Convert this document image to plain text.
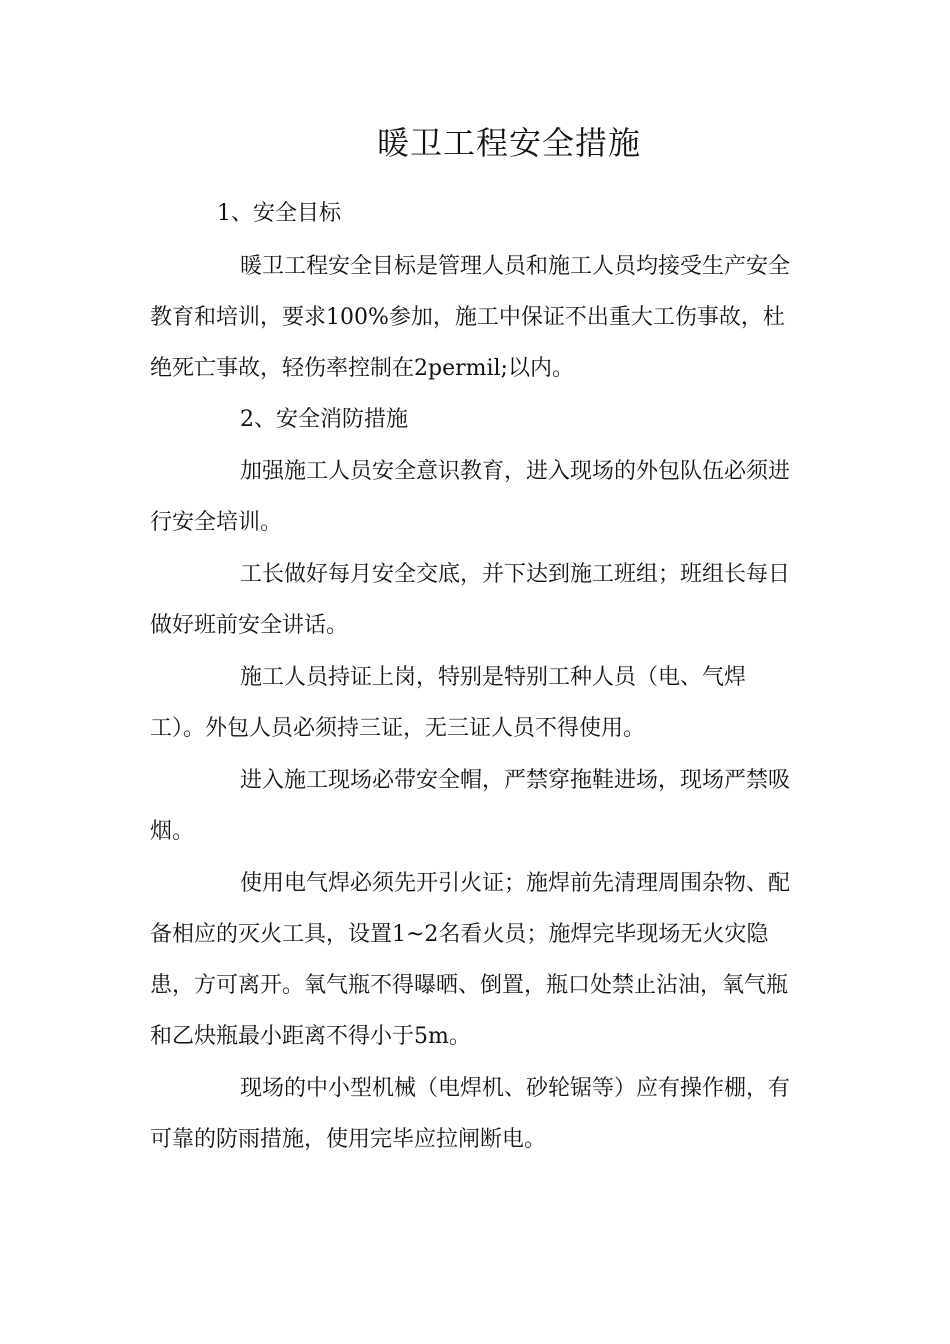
暖卫工程安全措施
1、安全目标
暖卫工程安全目标是管理人员和施工人员均接受生产安全
教育和培训，要求100%参加，施工中保证不出重大工伤事故，杜
绝死亡事故，轻伤率控制在2permil;以内。
2、安全消防措施
加强施工人员安全意识教育，进入现场的外包队伍必须进
行安全培训。
工长做好每月安全交底，并下达到施工班组；班组长每日
做好班前安全讲话。
施工人员持证上岗，特别是特别工种人员（电、气焊
工）。外包人员必须持三证，无三证人员不得使用。
进入施工现场必带安全帽，严禁穿拖鞋进场，现场严禁吸
烟。
使用电气焊必须先开引火证；施焊前先清理周围杂物、配
备相应的灭火工具，设置1~2名看火员；施焊完毕现场无火灾隐
患，方可离开。氧气瓶不得曝晒、倒置，瓶口处禁止沾油，氧气瓶
和乙炔瓶最小距离不得小于5m。
现场的中小型机械（电焊机、砂轮锯等）应有操作棚，有
可靠的防雨措施，使用完毕应拉闸断电。
